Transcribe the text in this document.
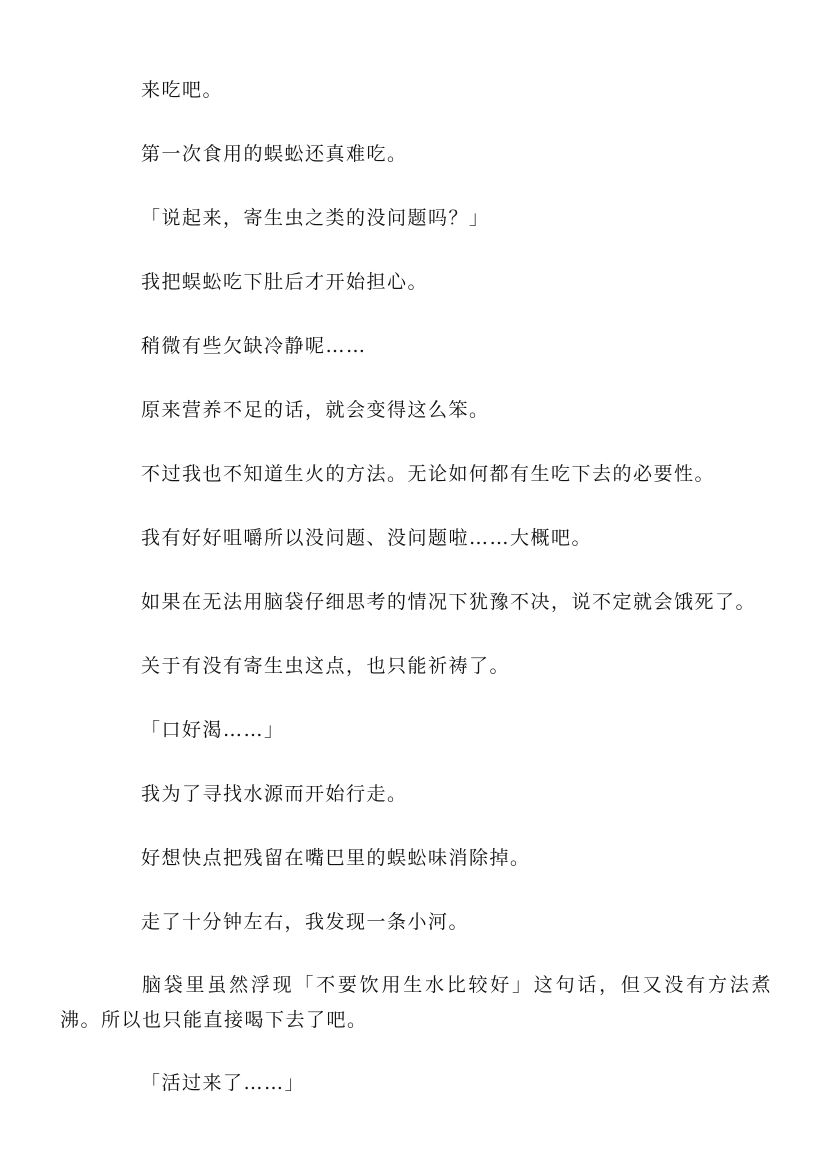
来吃吧。

第一次食用的蜈蚣还真难吃。

「说起来，寄生虫之类的没问题吗？」

我把蜈蚣吃下肚后才开始担心。

稍微有些欠缺冷静呢……

原来营养不足的话，就会变得这么笨。

不过我也不知道生火的方法。无论如何都有生吃下去的必要性。

我有好好咀嚼所以没问题、没问题啦……大概吧。

如果在无法用脑袋仔细思考的情况下犹豫不决，说不定就会饿死了。

关于有没有寄生虫这点，也只能祈祷了。

「口好渴……」

我为了寻找水源而开始行走。

好想快点把残留在嘴巴里的蜈蚣味消除掉。

走了十分钟左右，我发现一条小河。

脑袋里虽然浮现「不要饮用生水比较好」这句话，但又没有方法煮沸。所以也只能直接喝下去了吧。

「活过来了……」
